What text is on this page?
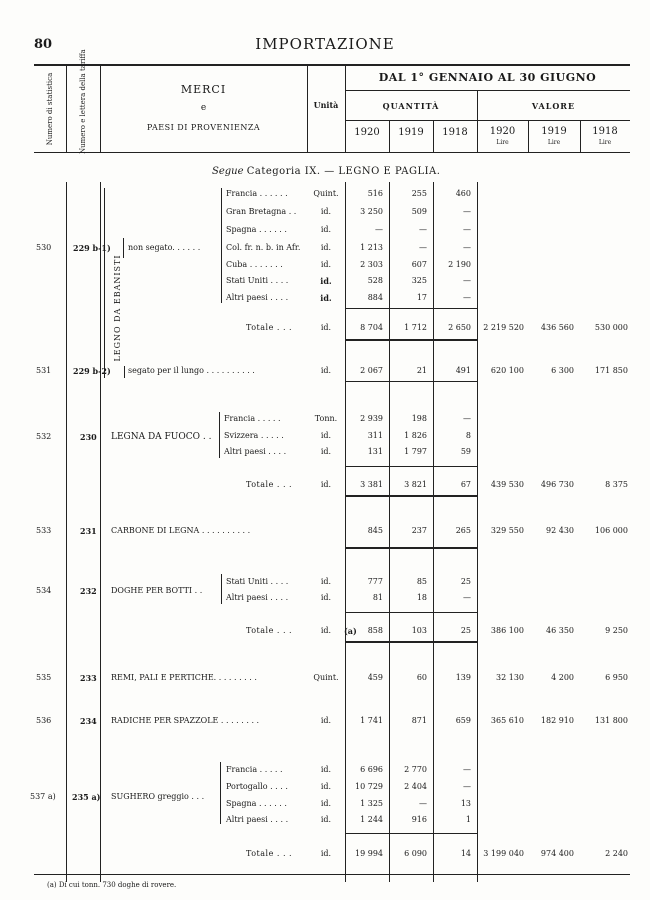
80	IMPORTAZIONE
Numero di statistica	Numero e lettera della tariffa	MERCI
e
PAESI DI PROVENIENZA
Unità
DAL 1° GENNAIO AL 30 GIUGNO
QUANTITÀ	VALORE
1920	1919	1918	1920	1919	1918
Lire	Lire	Lire
Segue Categoria IX. — LEGNO E PAGLIA.
LEGNO DA EBANISTI
530	229 b-1) non segato. . . . . .
Francia . . . . . .	Quint.	516	255	460
Gran Bretagna . .	id.	3 250	509	—
Spagna . . . . . .	id.	—	—	—
Col. fr. n. b. in Afr.	id.	1 213	—	—
Cuba . . . . . . .	id.	2 303	607	2 190
Stati Uniti . . . .	id.	528	325	—
Altri paesi . . . .	id.	884	17	—
Totale . . .	id.	8 704	1 712	2 650	2 219 520	436 560	530 000
531	229 b-2) segato per il lungo . . . . . . . . . .	id.	2 067	21	491	620 100	6 300	171 850
532	230 LEGNA DA FUOCO . .
Francia . . . . .	Tonn.	2 939	198	—
Svizzera . . . . .	id.	311	1 826	8
Altri paesi . . . .	id.	131	1 797	59
Totale . . .	id.	3 381	3 821	67	439 530	496 730	8 375
533	231 CARBONE DI LEGNA . . . . . . . . . .	845	237	265	329 550	92 430	106 000
534	232 DOGHE PER BOTTI . .
Stati Uniti . . . .	id.	777	85	25
Altri paesi . . . .	id.	81	18	—
Totale . . .	id.	(a)	858	103	25	386 100	46 350	9 250
535	233 REMI, PALI E PERTICHE. . . . . . . . .	Quint.	459	60	139	32 130	4 200	6 950
536	234 RADICHE PER SPAZZOLE . . . . . . . .	id.	1 741	871	659	365 610	182 910	131 800
537 a) 235 a) SUGHERO greggio . . .
Francia . . . . .	id.	6 696	2 770	—
Portogallo . . . .	id.	10 729	2 404	—
Spagna . . . . . .	id.	1 325	—	13
Altri paesi . . . .	id.	1 244	916	1
Totale . . .	id.	19 994	6 090	14	3 199 040	974 400	2 240
(a) Di cui tonn. 730 doghe di rovere.
